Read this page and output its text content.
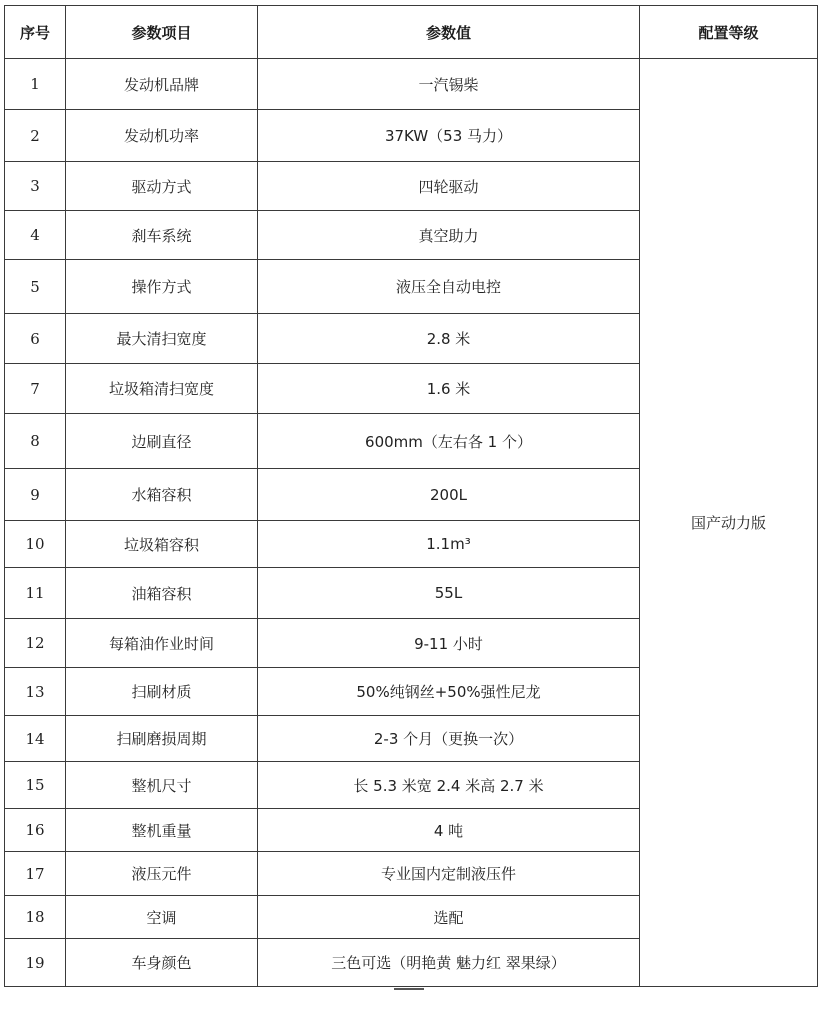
序号	参数项目	参数值	配置等级
1	发动机品牌	一汽锡柴	国产动力版
2	发动机功率	37KW（53 马力）	
3	驱动方式	四轮驱动	
4	刹车系统	真空助力	
5	操作方式	液压全自动电控	
6	最大清扫宽度	2.8 米	
7	垃圾箱清扫宽度	1.6 米	
8	边刷直径	600mm（左右各 1 个）	
9	水箱容积	200L	
10	垃圾箱容积	1.1m³	
11	油箱容积	55L	
12	每箱油作业时间	9-11 小时	
13	扫刷材质	50%纯钢丝+50%强性尼龙	
14	扫刷磨损周期	2-3 个月（更换一次）	
15	整机尺寸	长 5.3 米宽 2.4 米高 2.7 米	
16	整机重量	4 吨	
17	液压元件	专业国内定制液压件	
18	空调	选配	
19	车身颜色	三色可选（明艳黄 魅力红 翠果绿）	
